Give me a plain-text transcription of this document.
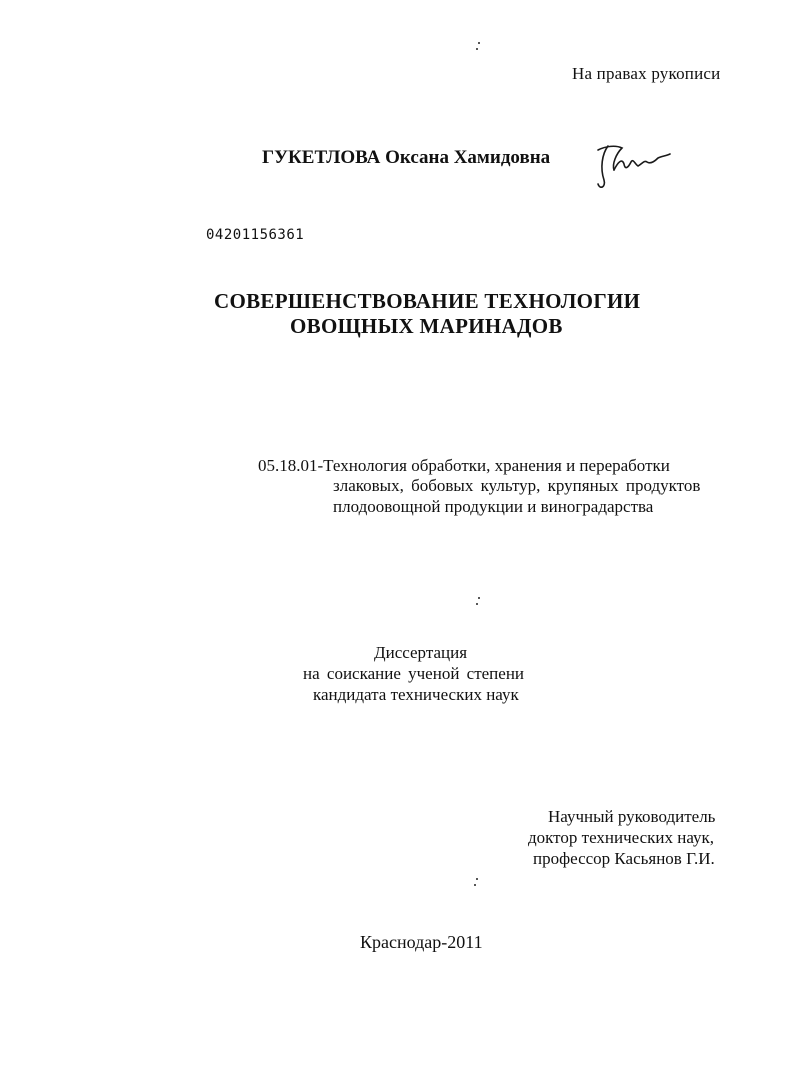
На правах рукописи
ГУКЕТЛОВА Оксана Хамидовна
04201156361
СОВЕРШЕНСТВОВАНИЕ ТЕХНОЛОГИИ
ОВОЩНЫХ МАРИНАДОВ
05.18.01-Технология обработки, хранения и переработки
злаковых, бобовых культур, крупяных продуктов
плодоовощной продукции и виноградарства
Диссертация
на соискание ученой степени
кандидата технических наук
Научный руководитель
доктор технических наук,
профессор Касьянов Г.И.
Краснодар-2011
